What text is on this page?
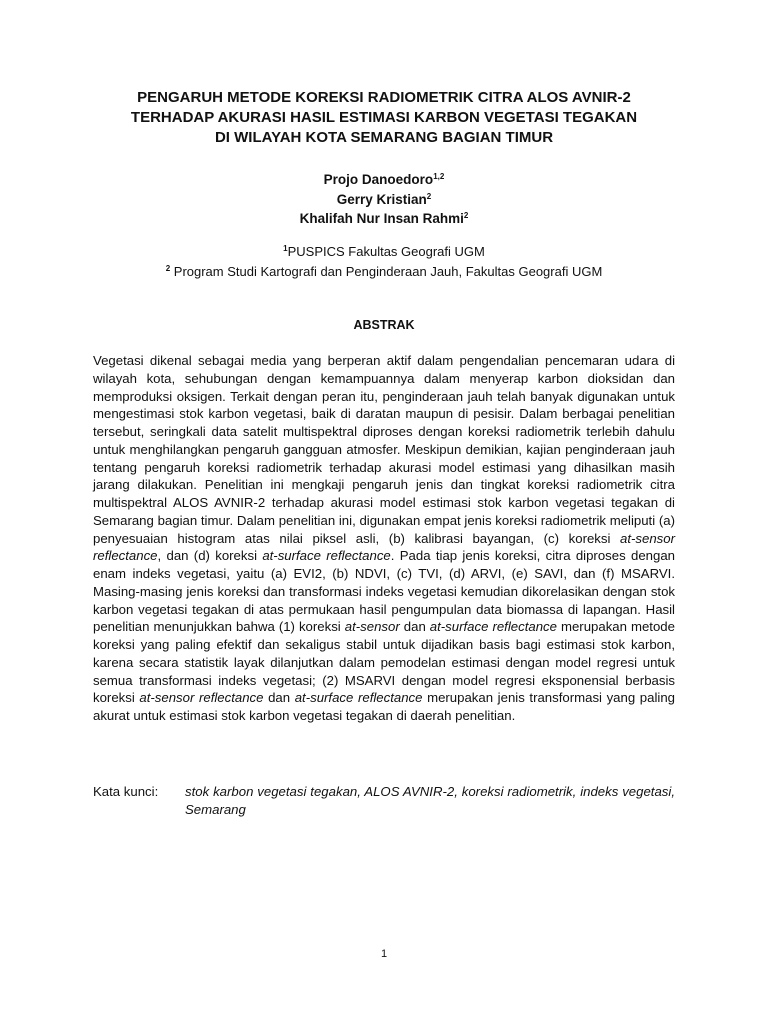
PENGARUH METODE KOREKSI RADIOMETRIK CITRA ALOS AVNIR-2
TERHADAP AKURASI HASIL ESTIMASI KARBON VEGETASI TEGAKAN
DI WILAYAH KOTA SEMARANG BAGIAN TIMUR
Projo Danoedoro$^{1,2}$
Gerry Kristian$^2$
Khalifah Nur Insan Rahmi$^2$
$^1$PUSPICS Fakultas Geografi UGM
$^2$ Program Studi Kartografi dan Penginderaan Jauh, Fakultas Geografi UGM
ABSTRAK
Vegetasi dikenal sebagai media yang berperan aktif dalam pengendalian pencemaran udara di wilayah kota, sehubungan dengan kemampuannya dalam menyerap karbon dioksidan dan memproduksi oksigen. Terkait dengan peran itu, penginderaan jauh telah banyak digunakan untuk mengestimasi stok karbon vegetasi, baik di daratan maupun di pesisir. Dalam berbagai penelitian tersebut, seringkali data satelit multispektral diproses dengan koreksi radiometrik terlebih dahulu untuk menghilangkan pengaruh gangguan atmosfer. Meskipun demikian, kajian penginderaan jauh tentang pengaruh koreksi radiometrik terhadap akurasi model estimasi yang dihasilkan masih jarang dilakukan. Penelitian ini mengkaji pengaruh jenis dan tingkat koreksi radiometrik citra multispektral ALOS AVNIR-2 terhadap akurasi model estimasi stok karbon vegetasi tegakan di Semarang bagian timur. Dalam penelitian ini, digunakan empat jenis koreksi radiometrik meliputi (a) penyesuaian histogram atas nilai piksel asli, (b) kalibrasi bayangan, (c) koreksi at-sensor reflectance, dan (d) koreksi at-surface reflectance. Pada tiap jenis koreksi, citra diproses dengan enam indeks vegetasi, yaitu (a) EVI2, (b) NDVI, (c) TVI, (d) ARVI, (e) SAVI, dan (f) MSARVI. Masing-masing jenis koreksi dan transformasi indeks vegetasi kemudian dikorelasikan dengan stok karbon vegetasi tegakan di atas permukaan hasil pengumpulan data biomassa di lapangan. Hasil penelitian menunjukkan bahwa (1) koreksi at-sensor dan at-surface reflectance merupakan metode koreksi yang paling efektif dan sekaligus stabil untuk dijadikan basis bagi estimasi stok karbon, karena secara statistik layak dilanjutkan dalam pemodelan estimasi dengan model regresi untuk semua transformasi indeks vegetasi; (2) MSARVI dengan model regresi eksponensial berbasis koreksi at-sensor reflectance dan at-surface reflectance merupakan jenis transformasi yang paling akurat untuk estimasi stok karbon vegetasi tegakan di daerah penelitian.
Kata kunci:	stok karbon vegetasi tegakan, ALOS AVNIR-2, koreksi radiometrik, indeks vegetasi, Semarang
1
